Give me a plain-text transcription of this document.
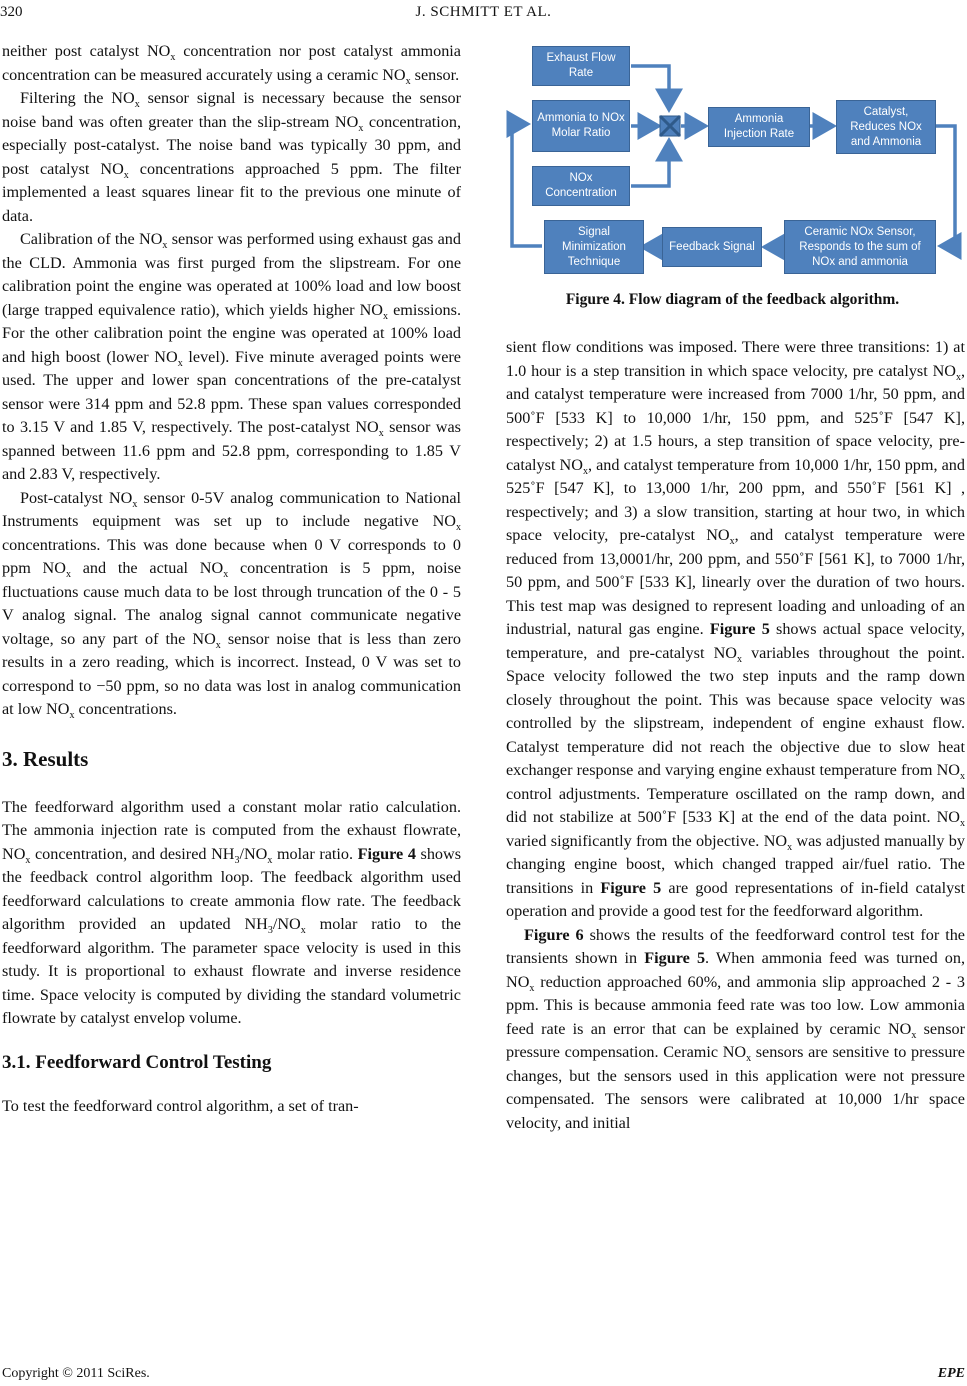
320	J. SCHMITT ET AL.

neither post catalyst $NO_x$ concentration nor post catalyst ammonia concentration can be measured accurately using a ceramic $NO_x$ sensor.

Filtering the $NO_x$ sensor signal is necessary because the sensor noise band was often greater than the slip-stream $NO_x$ concentration, especially post-catalyst. The noise band was typically 30 ppm, and post catalyst $NO_x$ concentrations approached 5 ppm. The filter implemented a least squares linear fit to the previous one minute of data.

Calibration of the $NO_x$ sensor was performed using exhaust gas and the CLD. Ammonia was first purged from the slipstream. For one calibration point the engine was operated at 100% load and low boost (large trapped equivalence ratio), which yields higher $NO_x$ emissions. For the other calibration point the engine was operated at 100% load and high boost (lower $NO_x$ level). Five minute averaged points were used. The upper and lower span concentrations of the pre-catalyst sensor were 314 ppm and 52.8 ppm. These span values corresponded to 3.15 V and 1.85 V, respectively. The post-catalyst $NO_x$ sensor was spanned between 11.6 ppm and 52.8 ppm, corresponding to 1.85 V and 2.83 V, respectively.

Post-catalyst $NO_x$ sensor 0-5V analog communication to National Instruments equipment was set up to include negative $NO_x$ concentrations. This was done because when 0 V corresponds to 0 ppm $NO_x$ and the actual $NO_x$ concentration is 5 ppm, noise fluctuations cause much data to be lost through truncation of the 0 - 5 V analog signal. The analog signal cannot communicate negative voltage, so any part of the $NO_x$ sensor noise that is less than zero results in a zero reading, which is incorrect. Instead, 0 V was set to correspond to −50 ppm, so no data was lost in analog communication at low $NO_x$ concentrations.

3. Results

The feedforward algorithm used a constant molar ratio calculation. The ammonia injection rate is computed from the exhaust flowrate, $NO_x$ concentration, and desired $NH_3/NO_x$ molar ratio. Figure 4 shows the feedback control algorithm loop. The feedback algorithm used feedforward calculations to create ammonia flow rate. The feedback algorithm provided an updated $NH_3/NO_x$ molar ratio to the feedforward algorithm. The parameter space velocity is used in this study. It is proportional to exhaust flowrate and inverse residence time. Space velocity is computed by dividing the standard volumetric flowrate by catalyst envelop volume.

3.1. Feedforward Control Testing

To test the feedforward control algorithm, a set of tran-

Exhaust Flow Rate
Ammonia to NOx Molar Ratio
NOx Concentration
Ammonia Injection Rate
Catalyst, Reduces NOx and Ammonia
Ceramic NOx Sensor, Responds to the sum of NOx and ammonia
Feedback Signal
Signal Minimization Technique
Figure 4. Flow diagram of the feedback algorithm.

sient flow conditions was imposed. There were three transitions: 1) at 1.0 hour is a step transition in which space velocity, pre catalyst $NO_x$, and catalyst temperature were increased from 7000 1/hr, 50 ppm, and 500˚F [533 K] to 10,000 1/hr, 150 ppm, and 525˚F [547 K], respectively; 2) at 1.5 hours, a step transition of space velocity, pre-catalyst $NO_x$, and catalyst temperature from 10,000 1/hr, 150 ppm, and 525˚F [547 K], to 13,000 1/hr, 200 ppm, and 550˚F [561 K] , respectively; and 3) a slow transition, starting at hour two, in which space velocity, pre-catalyst $NO_x$, and catalyst temperature were reduced from 13,0001/hr, 200 ppm, and 550˚F [561 K], to 7000 1/hr, 50 ppm, and 500˚F [533 K], linearly over the duration of two hours. This test map was designed to represent loading and unloading of an industrial, natural gas engine. Figure 5 shows actual space velocity, temperature, and pre-catalyst $NO_x$ variables throughout the point. Space velocity followed the two step inputs and the ramp down closely throughout the point. This was because space velocity was controlled by the slipstream, independent of engine exhaust flow. Catalyst temperature did not reach the objective due to slow heat exchanger response and varying engine exhaust temperature from $NO_x$ control adjustments. Temperature oscillated on the ramp down, and did not stabilize at 500˚F [533 K] at the end of the data point. $NO_x$ varied significantly from the objective. $NO_x$ was adjusted manually by changing engine boost, which changed trapped air/fuel ratio. The transitions in Figure 5 are good representations of in-field catalyst operation and provide a good test for the feedforward algorithm.

Figure 6 shows the results of the feedforward control test for the transients shown in Figure 5. When ammonia feed was turned on, $NO_x$ reduction approached 60%, and ammonia slip approached 2 - 3 ppm. This is because ammonia feed rate was too low. Low ammonia feed rate is an error that can be explained by ceramic $NO_x$ sensor pressure compensation. Ceramic $NO_x$ sensors are sensitive to pressure changes, but the sensors used in this application were not pressure compensated. The sensors were calibrated at 10,000 1/hr space velocity, and initial

Copyright © 2011 SciRes.	EPE
